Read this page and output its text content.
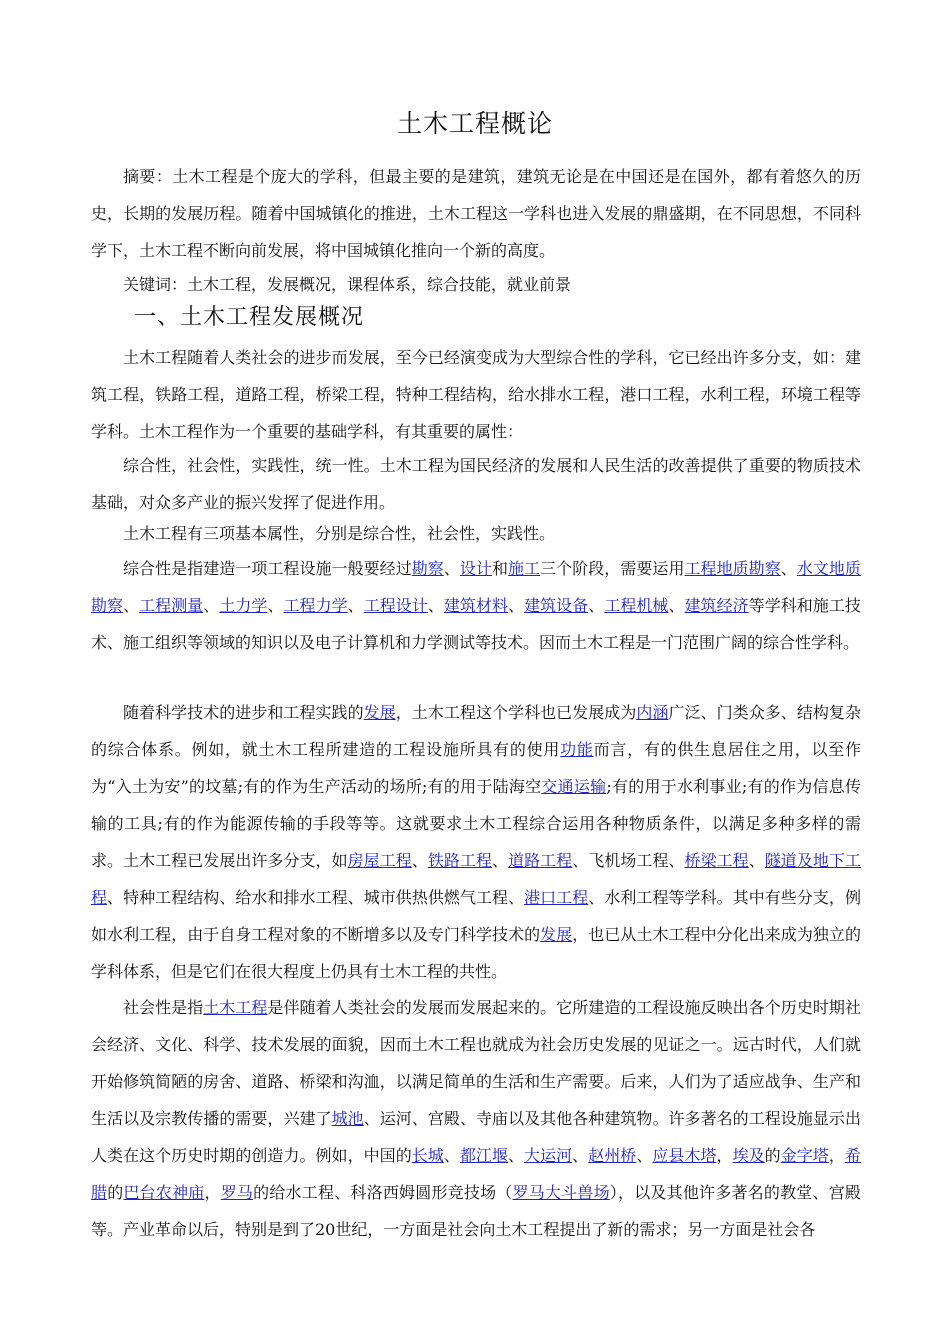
土木工程概论

摘要：土木工程是个庞大的学科，但最主要的是建筑，建筑无论是在中国还是在国外，都有着悠久的历史，长期的发展历程。随着中国城镇化的推进，土木工程这一学科也进入发展的鼎盛期，在不同思想，不同科学下，土木工程不断向前发展，将中国城镇化推向一个新的高度。

关键词：土木工程，发展概况，课程体系，综合技能，就业前景

一、土木工程发展概况

土木工程随着人类社会的进步而发展，至今已经演变成为大型综合性的学科，它已经出许多分支，如：建筑工程，铁路工程，道路工程，桥梁工程，特种工程结构，给水排水工程，港口工程，水利工程，环境工程等学科。土木工程作为一个重要的基础学科，有其重要的属性：

综合性，社会性，实践性，统一性。土木工程为国民经济的发展和人民生活的改善提供了重要的物质技术基础，对众多产业的振兴发挥了促进作用。

土木工程有三项基本属性，分别是综合性，社会性，实践性。

综合性是指建造一项工程设施一般要经过勘察、设计和施工三个阶段，需要运用工程地质勘察、水文地质勘察、工程测量、土力学、工程力学、工程设计、建筑材料、建筑设备、工程机械、建筑经济等学科和施工技术、施工组织等领域的知识以及电子计算机和力学测试等技术。因而土木工程是一门范围广阔的综合性学科。

随着科学技术的进步和工程实践的发展，土木工程这个学科也已发展成为内涵广泛、门类众多、结构复杂的综合体系。例如，就土木工程所建造的工程设施所具有的使用功能而言，有的供生息居住之用，以至作为“入土为安”的坟墓;有的作为生产活动的场所;有的用于陆海空交通运输;有的用于水利事业;有的作为信息传输的工具;有的作为能源传输的手段等等。这就要求土木工程综合运用各种物质条件，以满足多种多样的需求。土木工程已发展出许多分支，如房屋工程、铁路工程、道路工程、飞机场工程、桥梁工程、隧道及地下工程、特种工程结构、给水和排水工程、城市供热供燃气工程、港口工程、水利工程等学科。其中有些分支，例如水利工程，由于自身工程对象的不断增多以及专门科学技术的发展，也已从土木工程中分化出来成为独立的学科体系，但是它们在很大程度上仍具有土木工程的共性。

社会性是指土木工程是伴随着人类社会的发展而发展起来的。它所建造的工程设施反映出各个历史时期社会经济、文化、科学、技术发展的面貌，因而土木工程也就成为社会历史发展的见证之一。远古时代，人们就开始修筑简陋的房舍、道路、桥梁和沟洫，以满足简单的生活和生产需要。后来，人们为了适应战争、生产和生活以及宗教传播的需要，兴建了城池、运河、宫殿、寺庙以及其他各种建筑物。许多著名的工程设施显示出人类在这个历史时期的创造力。例如，中国的长城、都江堰、大运河、赵州桥、应县木塔，埃及的金字塔，希腊的巴台农神庙，罗马的给水工程、科洛西姆圆形竞技场（罗马大斗兽场），以及其他许多著名的教堂、宫殿等。产业革命以后，特别是到了20世纪，一方面是社会向土木工程提出了新的需求；另一方面是社会各
